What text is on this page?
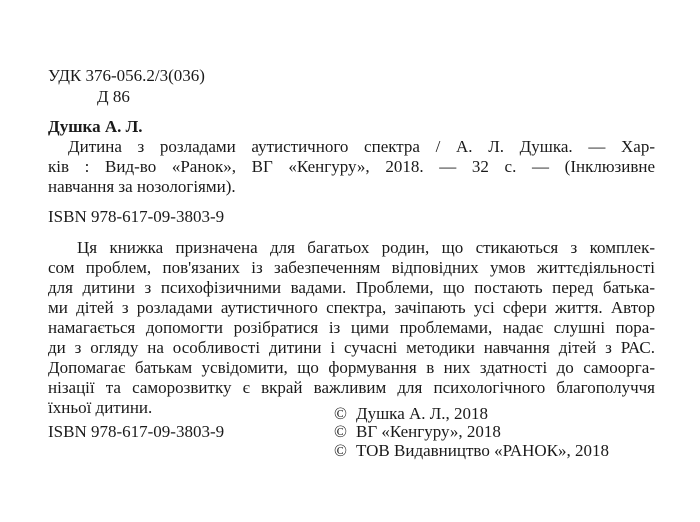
УДК 376-056.2/3(036)
Д 86
Душка А. Л.
Дитина з розладами аутистичного спектра / А. Л. Душка. — Хар-
ків : Вид-во «Ранок», ВГ «Кенгуру», 2018. — 32 с. — (Інклюзивне
навчання за нозологіями).
ISBN 978-617-09-3803-9
Ця книжка призначена для багатьох родин, що стикаються з комплек-
сом проблем, пов'язаних із забезпеченням відповідних умов життєдіяльності
для дитини з психофізичними вадами. Проблеми, що постають перед батька-
ми дітей з розладами аутистичного спектра, зачіпають усі сфери життя. Автор
намагається допомогти розібратися із цими проблемами, надає слушні пора-
ди з огляду на особливості дитини і сучасні методики навчання дітей з РАС.
Допомагає батькам усвідомити, що формування в них здатності до самоорга-
нізації та саморозвитку є вкрай важливим для психологічного благополуччя
їхньої дитини.
ISBN 978-617-09-3803-9
© Душка А. Л., 2018
© ВГ «Кенгуру», 2018
© ТОВ Видавництво «РАНОК», 2018
